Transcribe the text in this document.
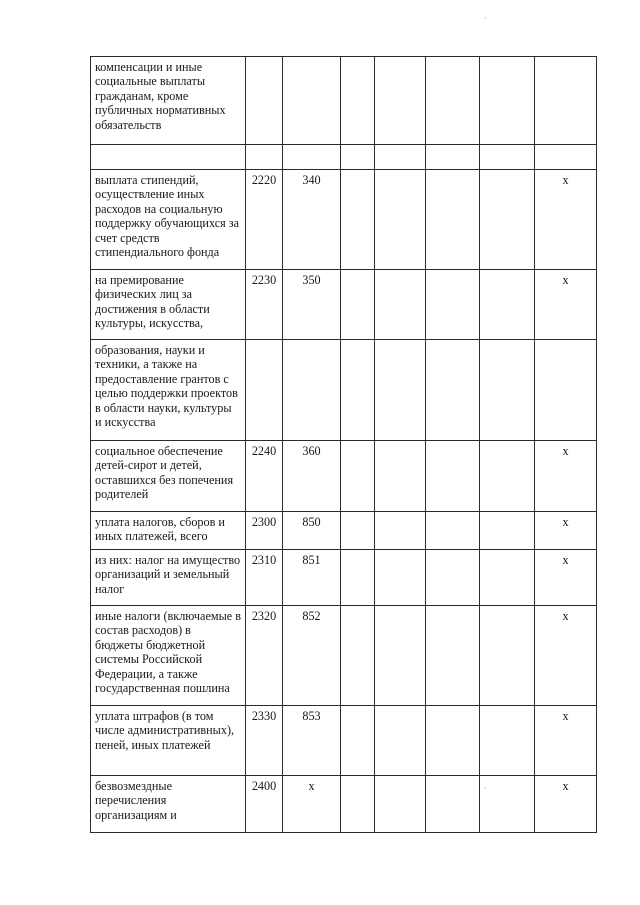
·
·
компенсации и иные социальные выплаты гражданам, кроме публичных нормативных обязательств							

выплата стипендий, осуществление иных расходов на социальную поддержку обучающихся за счет средств стипендиального фонда	2220	340					x
на премирование физических лиц за достижения в области культуры, искусства,	2230	350					x
образования, науки и техники, а также на предоставление грантов с целью поддержки проектов в области науки, культуры и искусства							
социальное обеспечение детей-сирот и детей, оставшихся без попечения родителей	2240	360					x
уплата налогов, сборов и иных платежей, всего	2300	850					x
из них: налог на имущество организаций и земельный налог	2310	851					x
иные налоги (включаемые в состав расходов) в бюджеты бюджетной системы Российской Федерации, а также государственная пошлина	2320	852					x
уплата штрафов (в том числе административных), пеней, иных платежей	2330	853					x
безвозмездные перечисления организациям и	2400	x					x
